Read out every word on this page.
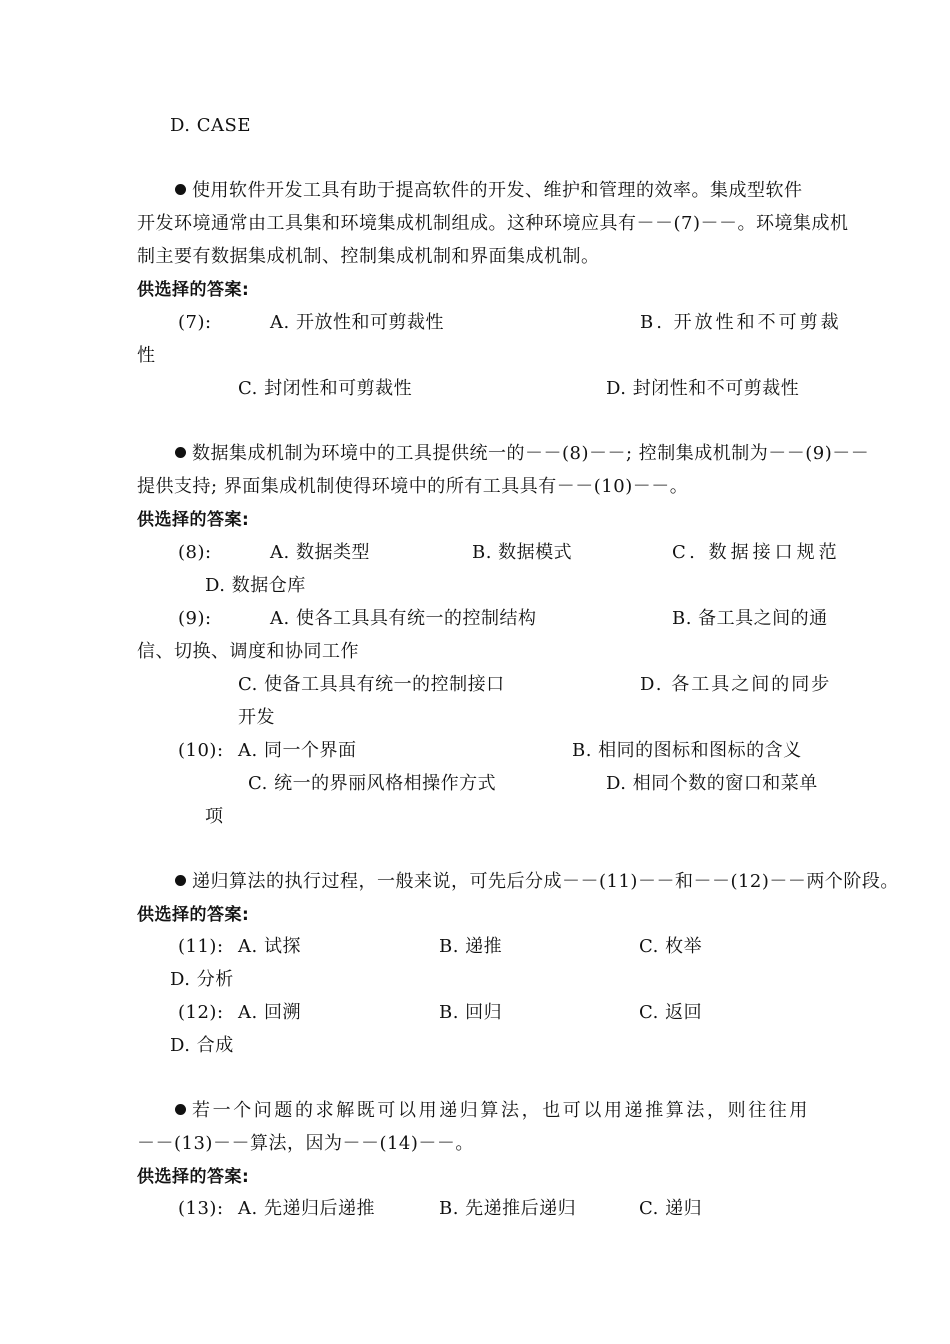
D. CASE
使用软件开发工具有助于提高软件的开发、维护和管理的效率。集成型软件
开发环境通常由工具集和环境集成机制组成。这种环境应具有－－(7)－－。环境集成机
制主要有数据集成机制、控制集成机制和界面集成机制。
供选择的答案:
(7):	A. 开放性和可剪裁性	B. 开放性和不可剪裁
性
C. 封闭性和可剪裁性	D. 封闭性和不可剪裁性
数据集成机制为环境中的工具提供统一的－－(8)－－; 控制集成机制为－－(9)－－
提供支持; 界面集成机制使得环境中的所有工具具有－－(10)－－。
供选择的答案:
(8):	A. 数据类型	B. 数据模式	C. 数据接口规范
D. 数据仓库
(9):	A. 使各工具具有统一的控制结构	B. 备工具之间的通
信、切换、调度和协同工作
C. 使备工具具有统一的控制接口	D. 各工具之间的同步
开发
(10): A. 同一个界面	B. 相同的图标和图标的含义
C. 统一的界丽风格相操作方式	D. 相同个数的窗口和菜单
项
递归算法的执行过程，一般来说，可先后分成－－(11)－－和－－(12)－－两个阶段。
供选择的答案:
(11): A. 试探	B. 递推	C. 枚举
D. 分析
(12): A. 回溯	B. 回归	C. 返回
D. 合成
若一个问题的求解既可以用递归算法，也可以用递推算法，则往往用
－－(13)－－算法，因为－－(14)－－。
供选择的答案:
(13): A. 先递归后递推	B. 先递推后递归	C. 递归
